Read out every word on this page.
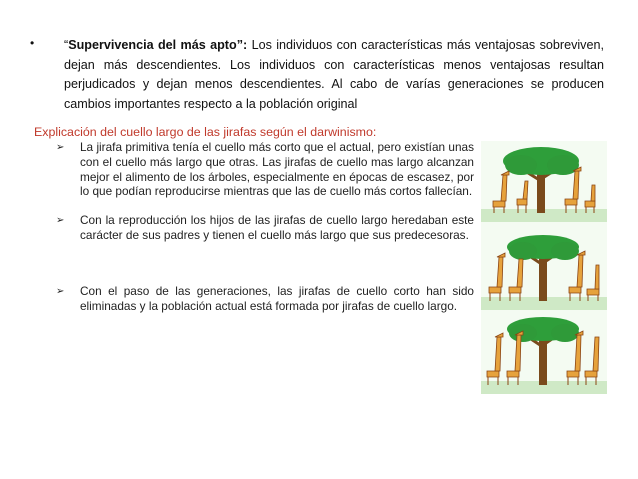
• “Supervivencia del más apto”: Los individuos con características más ventajosas sobreviven, dejan más descendientes. Los individuos con características menos ventajosas resultan perjudicados y dejan menos descendientes. Al cabo de varías generaciones se producen cambios importantes respecto a la población original
Explicación del cuello largo de las jirafas según el darwinismo:
➢ La jirafa primitiva tenía el cuello más corto que el actual, pero existían unas con el cuello más largo que otras. Las jirafas de cuello mas largo alcanzan mejor el alimento de los árboles, especialmente en épocas de escasez, por lo que podían reproducirse mientras que las de cuello más cortos fallecían.
➢ Con la reproducción los hijos de las jirafas de cuello largo heredaban este carácter de sus padres y tienen el cuello más largo que sus predecesoras.
➢ Con el paso de las generaciones, las jirafas de cuello corto han sido eliminadas y la población actual está formada por jirafas de cuello largo.
